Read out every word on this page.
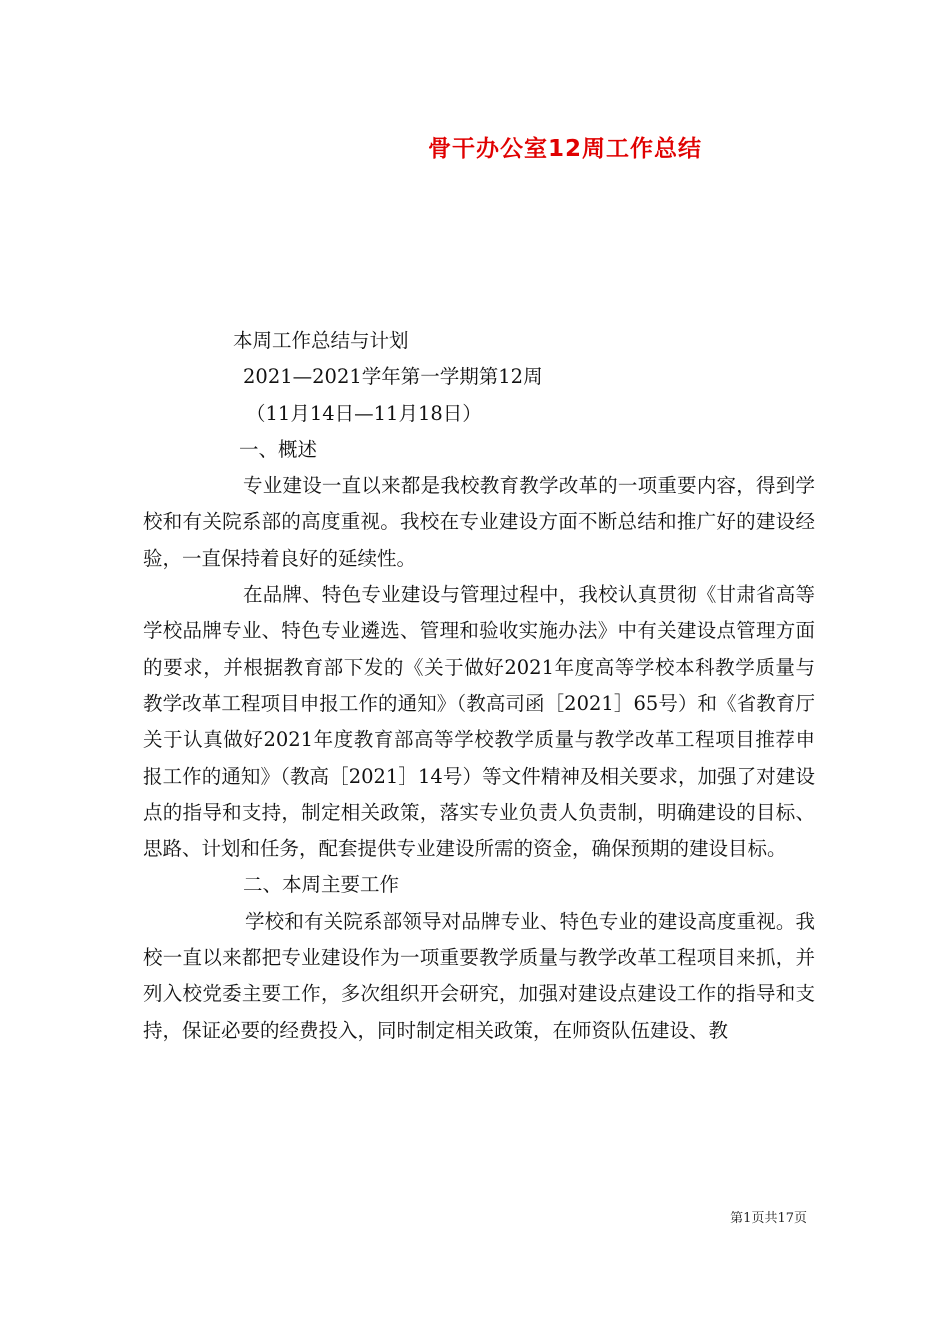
骨干办公室12周工作总结

本周工作总结与计划

2021—2021学年第一学期第12周

（11月14日—11月18日）

一、概述

专业建设一直以来都是我校教育教学改革的一项重要内容，得到学校和有关院系部的高度重视。我校在专业建设方面不断总结和推广好的建设经验，一直保持着良好的延续性。

在品牌、特色专业建设与管理过程中，我校认真贯彻《甘肃省高等学校品牌专业、特色专业遴选、管理和验收实施办法》中有关建设点管理方面的要求，并根据教育部下发的《关于做好2021年度高等学校本科教学质量与教学改革工程项目申报工作的通知》（教高司函［2021］65号）和《省教育厅关于认真做好2021年度教育部高等学校教学质量与教学改革工程项目推荐申报工作的通知》（教高［2021］14号）等文件精神及相关要求，加强了对建设点的指导和支持，制定相关政策，落实专业负责人负责制，明确建设的目标、思路、计划和任务，配套提供专业建设所需的资金，确保预期的建设目标。

二、本周主要工作

学校和有关院系部领导对品牌专业、特色专业的建设高度重视。我校一直以来都把专业建设作为一项重要教学质量与教学改革工程项目来抓，并列入校党委主要工作，多次组织开会研究，加强对建设点建设工作的指导和支持，保证必要的经费投入，同时制定相关政策，在师资队伍建设、教

第1页共17页
